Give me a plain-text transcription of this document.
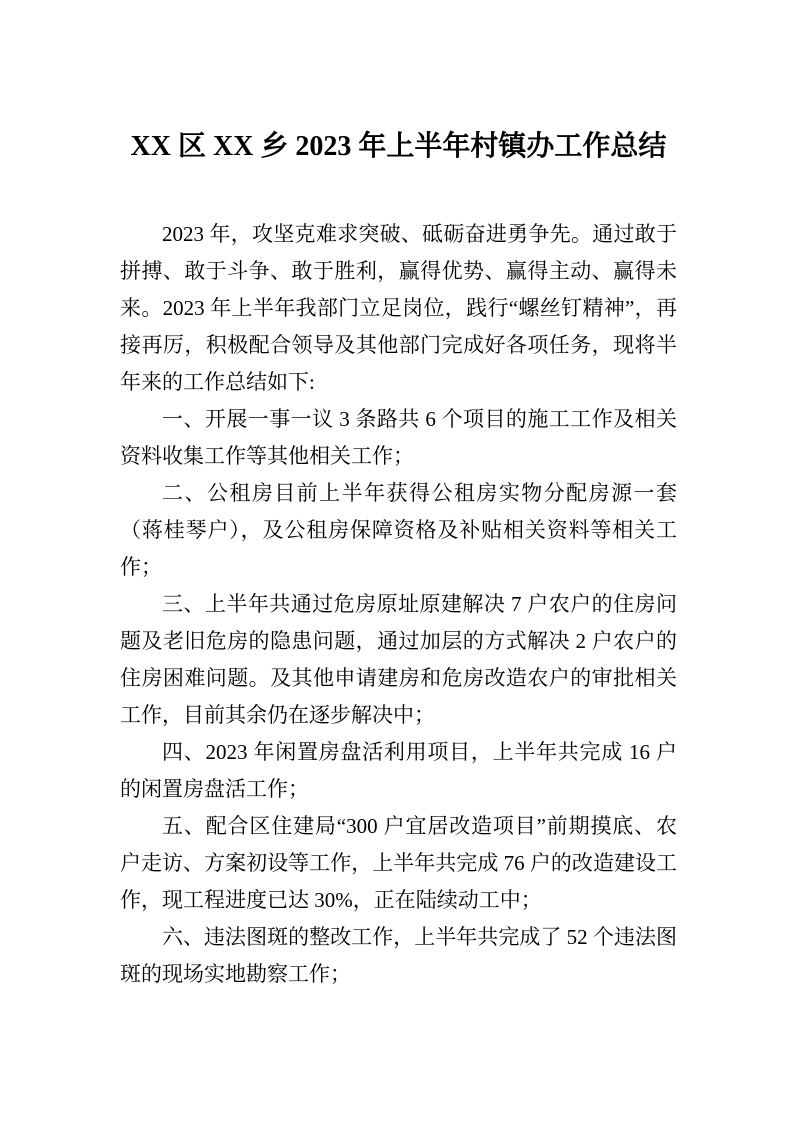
XX 区 XX 乡 2023 年上半年村镇办工作总结

2023 年，攻坚克难求突破、砥砺奋进勇争先。通过敢于拼搏、敢于斗争、敢于胜利，赢得优势、赢得主动、赢得未来。2023 年上半年我部门立足岗位，践行“螺丝钉精神”，再接再厉，积极配合领导及其他部门完成好各项任务，现将半年来的工作总结如下:

一、开展一事一议 3 条路共 6 个项目的施工工作及相关资料收集工作等其他相关工作；

二、公租房目前上半年获得公租房实物分配房源一套（蒋桂琴户），及公租房保障资格及补贴相关资料等相关工作；

三、上半年共通过危房原址原建解决 7 户农户的住房问题及老旧危房的隐患问题，通过加层的方式解决 2 户农户的住房困难问题。及其他申请建房和危房改造农户的审批相关工作，目前其余仍在逐步解决中；

四、2023 年闲置房盘活利用项目，上半年共完成 16 户的闲置房盘活工作；

五、配合区住建局“300 户宜居改造项目”前期摸底、农户走访、方案初设等工作，上半年共完成 76 户的改造建设工作，现工程进度已达 30%，正在陆续动工中；

六、违法图斑的整改工作，上半年共完成了 52 个违法图斑的现场实地勘察工作；
